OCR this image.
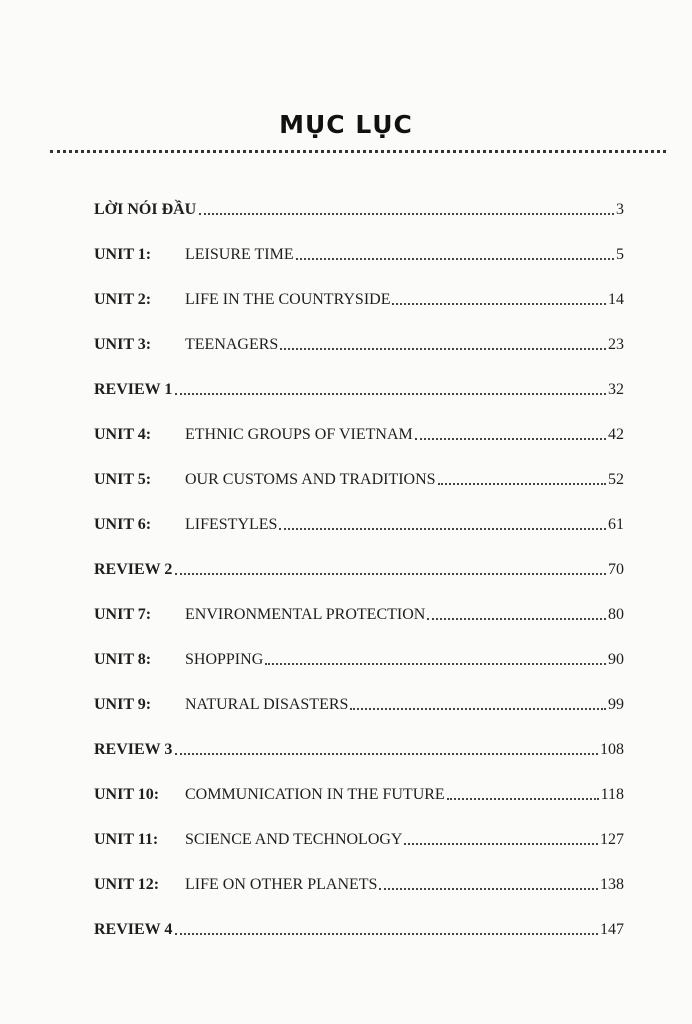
MỤC LỤC
LỜI NÓI ĐẦU	3
UNIT 1:	LEISURE TIME	5
UNIT 2:	LIFE IN THE COUNTRYSIDE	14
UNIT 3:	TEENAGERS	23
REVIEW 1	32
UNIT 4:	ETHNIC GROUPS OF VIETNAM	42
UNIT 5:	OUR CUSTOMS AND TRADITIONS	52
UNIT 6:	LIFESTYLES	61
REVIEW 2	70
UNIT 7:	ENVIRONMENTAL PROTECTION	80
UNIT 8:	SHOPPING	90
UNIT 9:	NATURAL DISASTERS	99
REVIEW 3	108
UNIT 10:	COMMUNICATION IN THE FUTURE	118
UNIT 11:	SCIENCE AND TECHNOLOGY	127
UNIT 12:	LIFE ON OTHER PLANETS	138
REVIEW 4	147
